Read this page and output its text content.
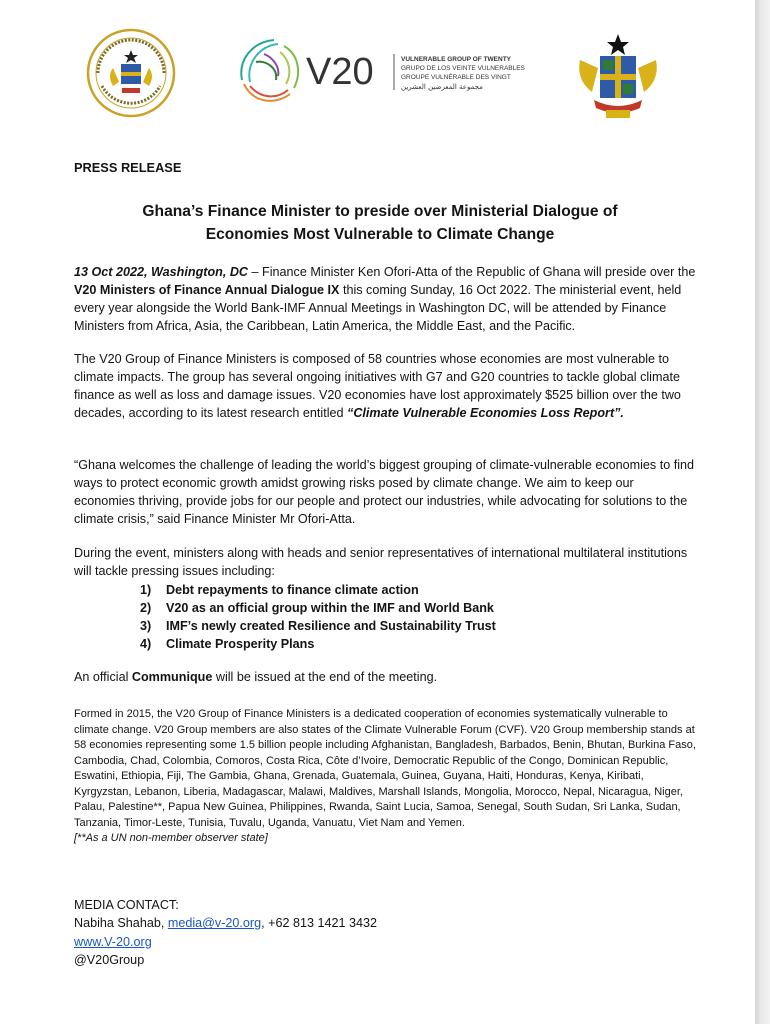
V20	VULNERABLE GROUP OF TWENTY
GRUPO DE LOS VEINTE VULNERABLES
GROUPE VULNÉRABLE DES VINGT
مجموعة المعرضين العشرين
PRESS RELEASE
Ghana’s Finance Minister to preside over Ministerial Dialogue of
Economies Most Vulnerable to Climate Change

13 Oct 2022, Washington, DC – Finance Minister Ken Ofori-Atta of the Republic of Ghana will preside over the V20 Ministers of Finance Annual Dialogue IX this coming Sunday, 16 Oct 2022. The ministerial event, held every year alongside the World Bank-IMF Annual Meetings in Washington DC, will be attended by Finance Ministers from Africa, Asia, the Caribbean, Latin America, the Middle East, and the Pacific.

The V20 Group of Finance Ministers is composed of 58 countries whose economies are most vulnerable to climate impacts. The group has several ongoing initiatives with G7 and G20 countries to tackle global climate finance as well as loss and damage issues. V20 economies have lost approximately $525 billion over the two decades, according to its latest research entitled “Climate Vulnerable Economies Loss Report”.

“Ghana welcomes the challenge of leading the world’s biggest grouping of climate-vulnerable economies to find ways to protect economic growth amidst growing risks posed by climate change. We aim to keep our economies thriving, provide jobs for our people and protect our industries, while advocating for solutions to the climate crisis,” said Finance Minister Mr Ofori-Atta.

During the event, ministers along with heads and senior representatives of international multilateral institutions will tackle pressing issues including:

1) Debt repayments to finance climate action
2) V20 as an official group within the IMF and World Bank
3) IMF’s newly created Resilience and Sustainability Trust
4) Climate Prosperity Plans

An official Communique will be issued at the end of the meeting.

Formed in 2015, the V20 Group of Finance Ministers is a dedicated cooperation of economies systematically vulnerable to climate change. V20 Group members are also states of the Climate Vulnerable Forum (CVF). V20 Group membership stands at 58 economies representing some 1.5 billion people including Afghanistan, Bangladesh, Barbados, Benin, Bhutan, Burkina Faso, Cambodia, Chad, Colombia, Comoros, Costa Rica, Côte d’Ivoire, Democratic Republic of the Congo, Dominican Republic, Eswatini, Ethiopia, Fiji, The Gambia, Ghana, Grenada, Guatemala, Guinea, Guyana, Haiti, Honduras, Kenya, Kiribati, Kyrgyzstan, Lebanon, Liberia, Madagascar, Malawi, Maldives, Marshall Islands, Mongolia, Morocco, Nepal, Nicaragua, Niger, Palau, Palestine**, Papua New Guinea, Philippines, Rwanda, Saint Lucia, Samoa, Senegal, South Sudan, Sri Lanka, Sudan, Tanzania, Timor-Leste, Tunisia, Tuvalu, Uganda, Vanuatu, Viet Nam and Yemen.
[**As a UN non-member observer state]
MEDIA CONTACT:
Nabiha Shahab, media@v-20.org, +62 813 1421 3432
www.V-20.org
@V20Group
